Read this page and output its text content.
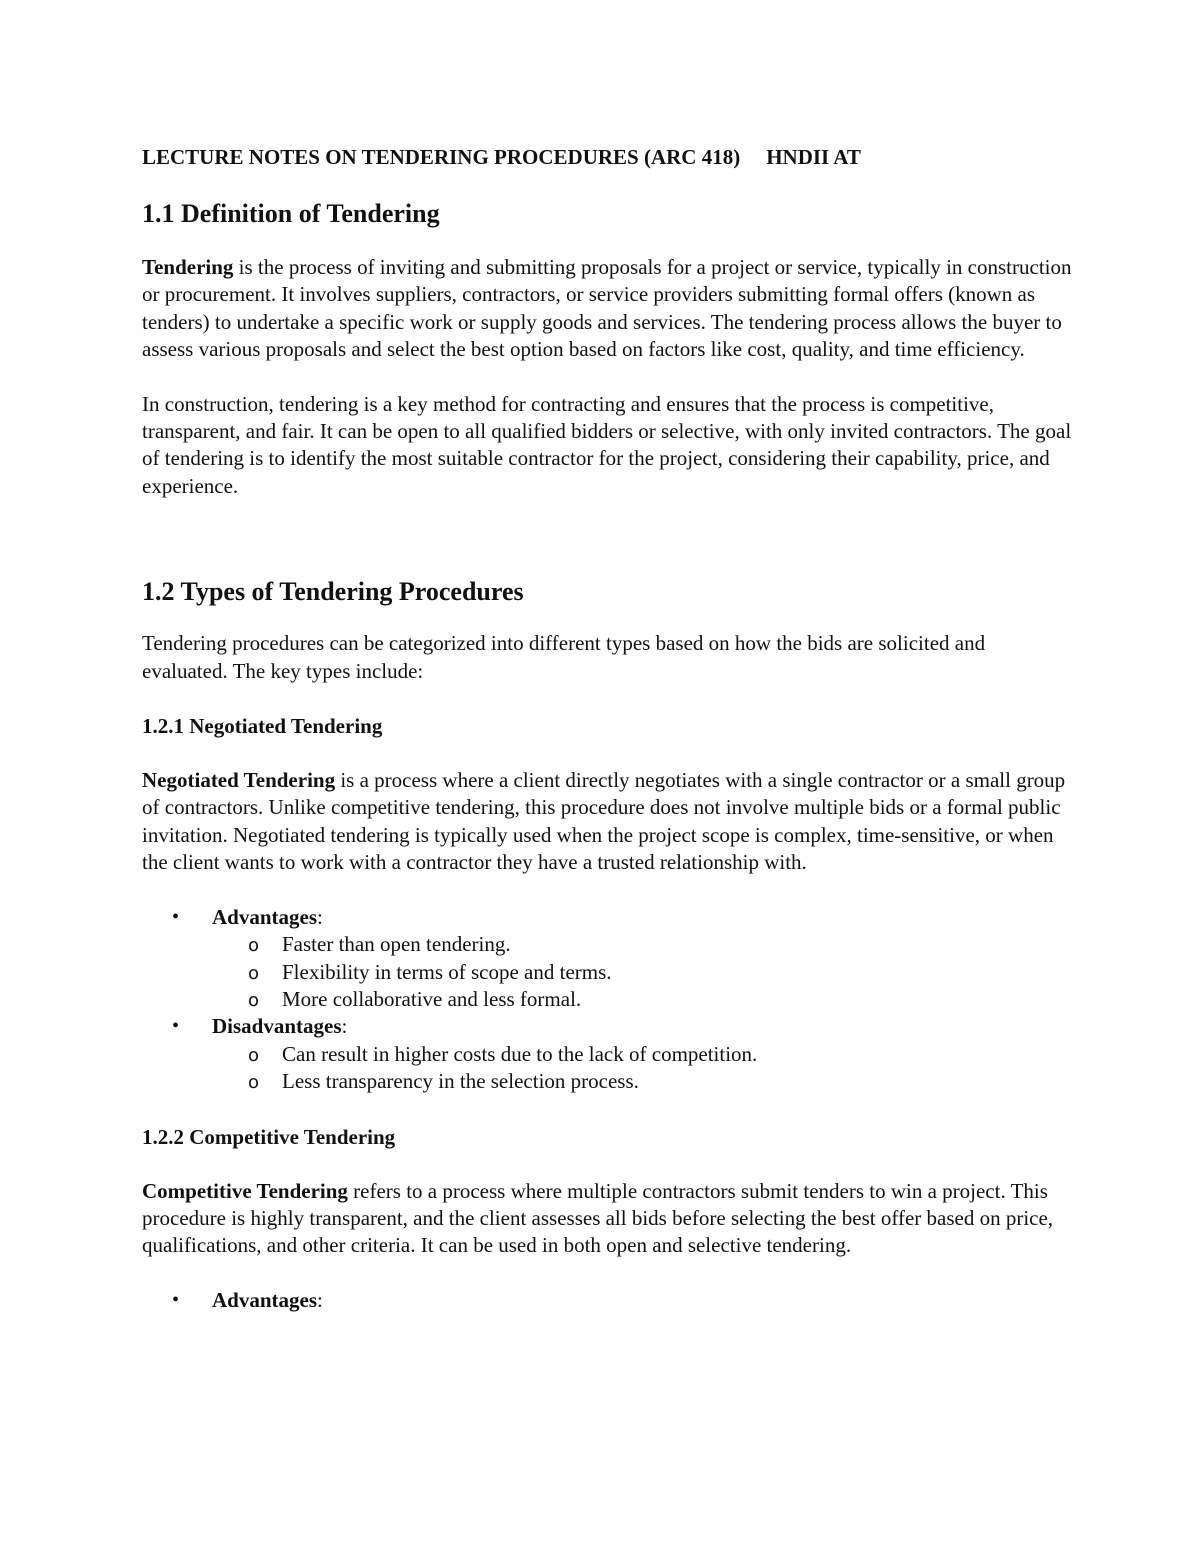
LECTURE NOTES ON TENDERING PROCEDURES (ARC 418) HNDII AT

1.1 Definition of Tendering

Tendering is the process of inviting and submitting proposals for a project or service, typically in construction or procurement. It involves suppliers, contractors, or service providers submitting formal offers (known as tenders) to undertake a specific work or supply goods and services. The tendering process allows the buyer to assess various proposals and select the best option based on factors like cost, quality, and time efficiency.

In construction, tendering is a key method for contracting and ensures that the process is competitive, transparent, and fair. It can be open to all qualified bidders or selective, with only invited contractors. The goal of tendering is to identify the most suitable contractor for the project, considering their capability, price, and experience.

1.2 Types of Tendering Procedures

Tendering procedures can be categorized into different types based on how the bids are solicited and evaluated. The key types include:

1.2.1 Negotiated Tendering

Negotiated Tendering is a process where a client directly negotiates with a single contractor or a small group of contractors. Unlike competitive tendering, this procedure does not involve multiple bids or a formal public invitation. Negotiated tendering is typically used when the project scope is complex, time-sensitive, or when the client wants to work with a contractor they have a trusted relationship with.

• Advantages:
o Faster than open tendering.
o Flexibility in terms of scope and terms.
o More collaborative and less formal.
• Disadvantages:
o Can result in higher costs due to the lack of competition.
o Less transparency in the selection process.
1.2.2 Competitive Tendering

Competitive Tendering refers to a process where multiple contractors submit tenders to win a project. This procedure is highly transparent, and the client assesses all bids before selecting the best offer based on price, qualifications, and other criteria. It can be used in both open and selective tendering.

• Advantages:
